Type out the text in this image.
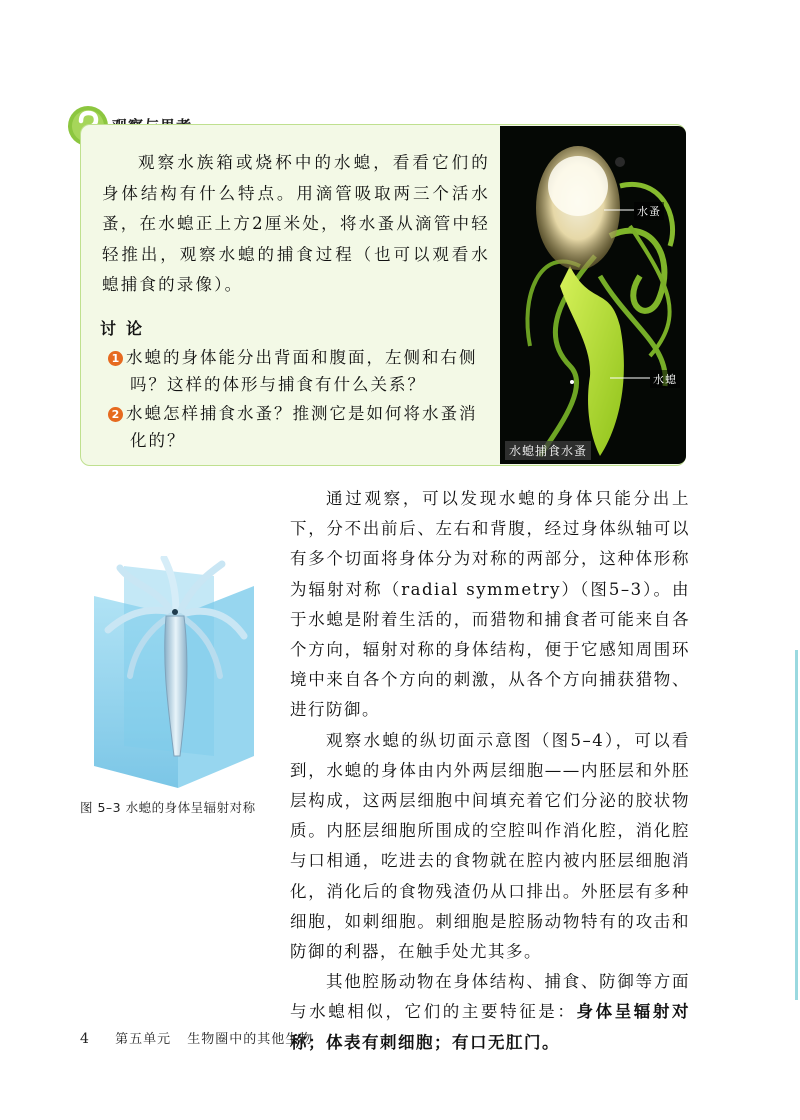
观察水族箱或烧杯中的水螅，看看它们的身体结构有什么特点。用滴管吸取两三个活水蚤，在水螅正上方2厘米处，将水蚤从滴管中轻轻推出，观察水螅的捕食过程（也可以观看水螅捕食的录像）。
讨论
1 水螅的身体能分出背面和腹面，左侧和右侧
吗？这样的体形与捕食有什么关系？
2 水螅怎样捕食水蚤？推测它是如何将水蚤消
化的？
水蚤
水螅
水螅捕食水蚤
图 5–3 水螅的身体呈辐射对称

通过观察，可以发现水螅的身体只能分出上下，分不出前后、左右和背腹，经过身体纵轴可以有多个切面将身体分为对称的两部分，这种体形称为辐射对称（radial symmetry）（图5–3）。由于水螅是附着生活的，而猎物和捕食者可能来自各个方向，辐射对称的身体结构，便于它感知周围环境中来自各个方向的刺激，从各个方向捕获猎物、进行防御。

观察水螅的纵切面示意图（图5–4），可以看到，水螅的身体由内外两层细胞——内胚层和外胚层构成，这两层细胞中间填充着它们分泌的胶状物质。内胚层细胞所围成的空腔叫作消化腔，消化腔与口相通，吃进去的食物就在腔内被内胚层细胞消化，消化后的食物残渣仍从口排出。外胚层有多种细胞，如刺细胞。刺细胞是腔肠动物特有的攻击和防御的利器，在触手处尤其多。

其他腔肠动物在身体结构、捕食、防御等方面与水螅相似，它们的主要特征是：身体呈辐射对称；体表有刺细胞；有口无肛门。

4 第五单元 生物圈中的其他生物
